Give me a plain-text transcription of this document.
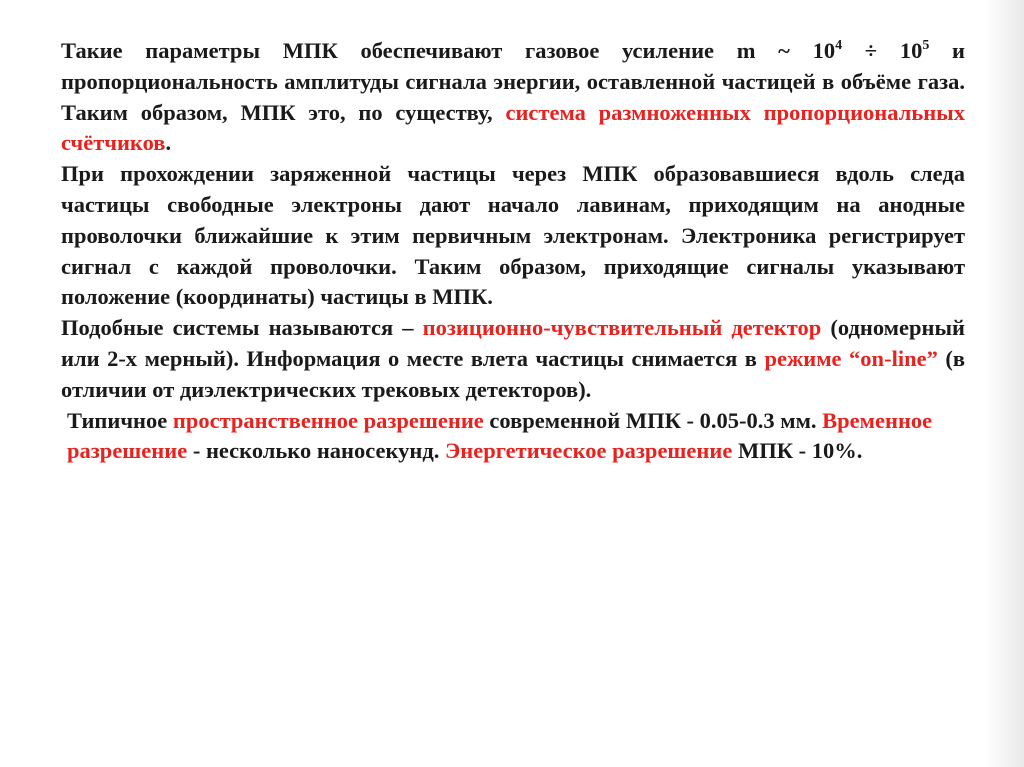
Такие параметры МПК обеспечивают газовое усиление m ~ $10^4 \div 10^5$ и пропорциональность амплитуды сигнала энергии, оставленной частицей в объёме газа. Таким образом, МПК это, по существу, система размноженных пропорциональных счётчиков.

При прохождении заряженной частицы через МПК образовавшиеся вдоль следа частицы свободные электроны дают начало лавинам, приходящим на анодные проволочки ближайшие к этим первичным электронам. Электроника регистрирует сигнал с каждой проволочки. Таким образом, приходящие сигналы указывают положение (координаты) частицы в МПК.

Подобные системы называются – позиционно-чувствительный детектор (одномерный или 2-х мерный). Информация о месте влета частицы снимается в режиме “on-line” (в отличии от диэлектрических трековых детекторов).

Типичное пространственное разрешение современной МПК - 0.05-0.3 мм. Временное разрешение - несколько наносекунд. Энергетическое разрешение МПК - 10%.
